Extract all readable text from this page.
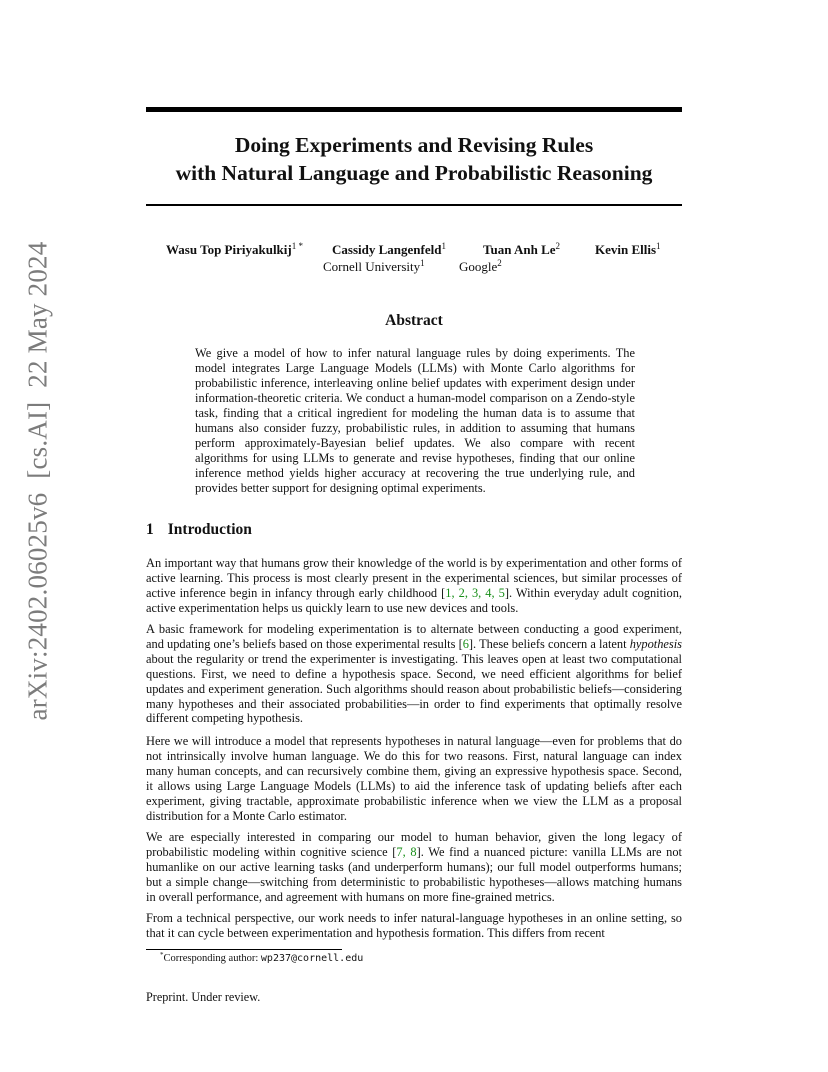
arXiv:2402.06025v6  [cs.AI]  22 May 2024
Doing Experiments and Revising Rules
with Natural Language and Probabilistic Reasoning
Wasu Top Piriyakulkij$^{1 *}$ Cassidy Langenfeld$^1$	Tuan Anh Le$^2$	Kevin Ellis$^1$
Cornell University$^1$	Google$^2$
Abstract

We give a model of how to infer natural language rules by doing experiments. The model integrates Large Language Models (LLMs) with Monte Carlo algorithms for probabilistic inference, interleaving online belief updates with experiment design under information-theoretic criteria. We conduct a human-model comparison on a Zendo-style task, finding that a critical ingredient for modeling the human data is to assume that humans also consider fuzzy, probabilistic rules, in addition to assuming that humans perform approximately-Bayesian belief updates. We also compare with recent algorithms for using LLMs to generate and revise hypotheses, finding that our online inference method yields higher accuracy at recovering the true underlying rule, and provides better support for designing optimal experiments.

1 Introduction

An important way that humans grow their knowledge of the world is by experimentation and other forms of active learning. This process is most clearly present in the experimental sciences, but similar processes of active inference begin in infancy through early childhood [1, 2, 3, 4, 5]. Within everyday adult cognition, active experimentation helps us quickly learn to use new devices and tools.

A basic framework for modeling experimentation is to alternate between conducting a good experiment, and updating one’s beliefs based on those experimental results [6]. These beliefs concern a latent hypothesis about the regularity or trend the experimenter is investigating. This leaves open at least two computational questions. First, we need to define a hypothesis space. Second, we need efficient algorithms for belief updates and experiment generation. Such algorithms should reason about probabilistic beliefs—considering many hypotheses and their associated probabilities—in order to find experiments that optimally resolve different competing hypothesis.

Here we will introduce a model that represents hypotheses in natural language—even for problems that do not intrinsically involve human language. We do this for two reasons. First, natural language can index many human concepts, and can recursively combine them, giving an expressive hypothesis space. Second, it allows using Large Language Models (LLMs) to aid the inference task of updating beliefs after each experiment, giving tractable, approximate probabilistic inference when we view the LLM as a proposal distribution for a Monte Carlo estimator.

We are especially interested in comparing our model to human behavior, given the long legacy of probabilistic modeling within cognitive science [7, 8]. We find a nuanced picture: vanilla LLMs are not humanlike on our active learning tasks (and underperform humans); our full model outperforms humans; but a simple change—switching from deterministic to probabilistic hypotheses—allows matching humans in overall performance, and agreement with humans on more fine-grained metrics.

From a technical perspective, our work needs to infer natural-language hypotheses in an online setting, so that it can cycle between experimentation and hypothesis formation. This differs from recent

*Corresponding author: wp237@cornell.edu
Preprint. Under review.
